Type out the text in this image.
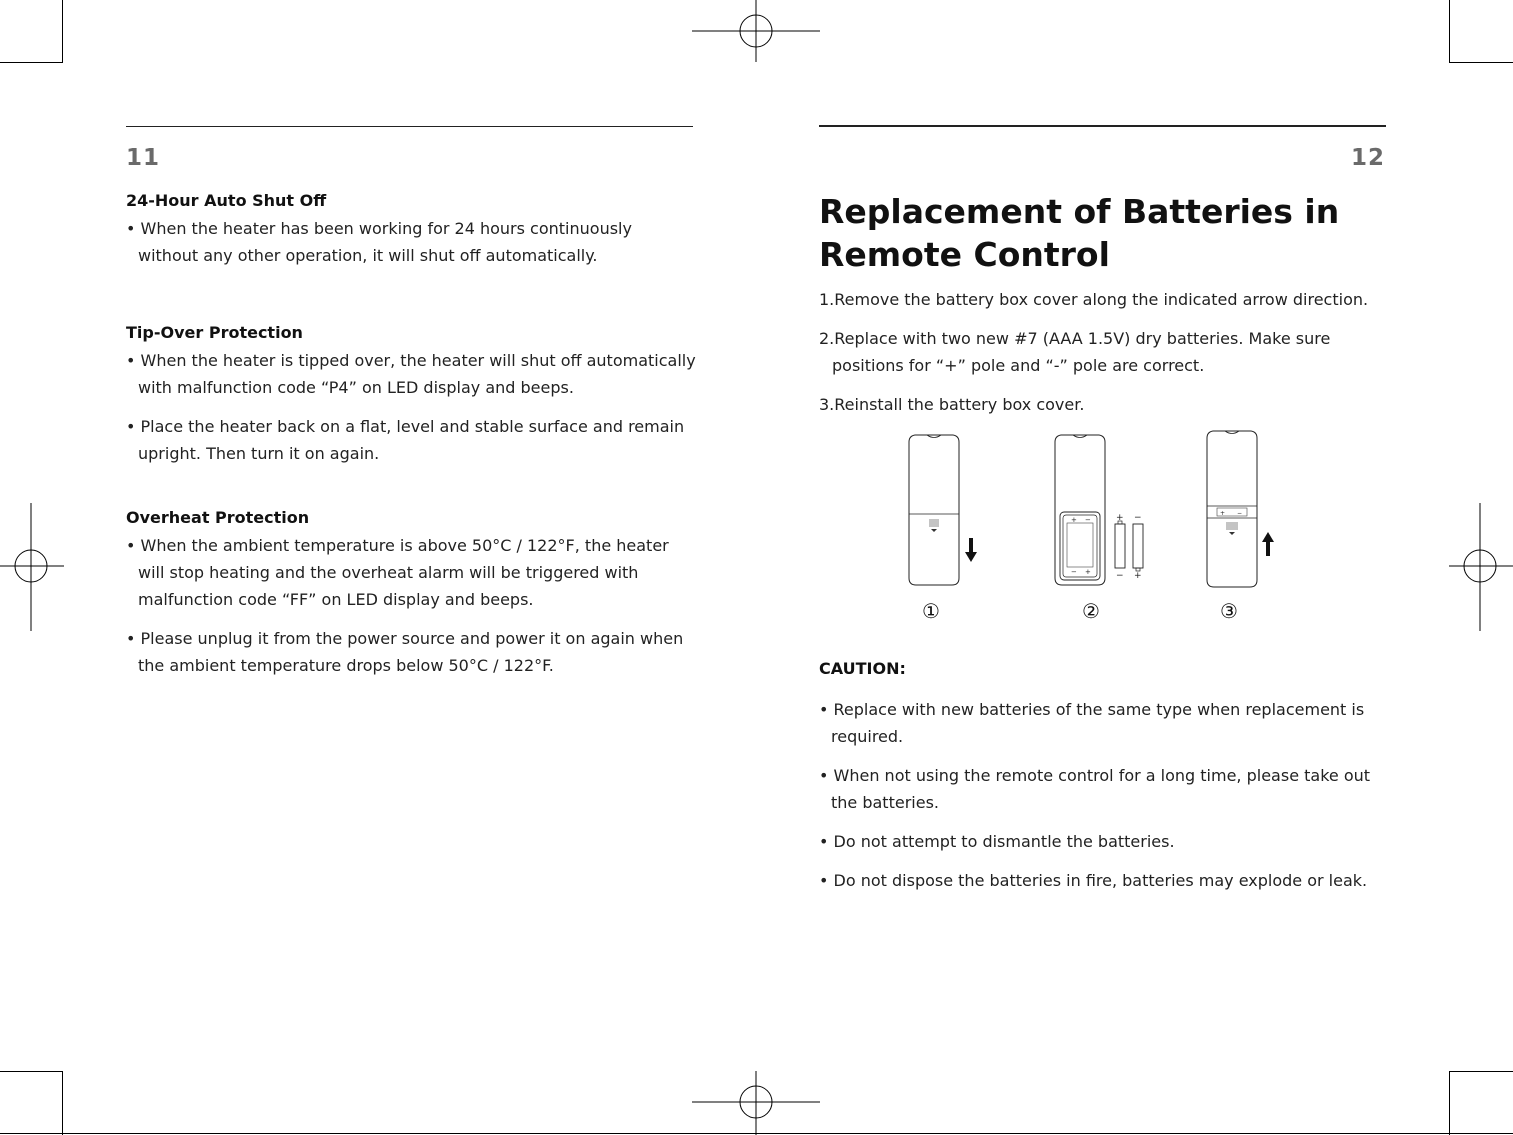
11
24-Hour Auto Shut Off

• When the heater has been working for 24 hours continuously without any other operation, it will shut off automatically.

Tip-Over Protection

• When the heater is tipped over, the heater will shut off automatically with malfunction code “P4” on LED display and beeps.

• Place the heater back on a flat, level and stable surface and remain upright. Then turn it on again.

Overheat Protection

• When the ambient temperature is above 50°C / 122°F, the heater will stop heating and the overheat alarm will be triggered with malfunction code “FF” on LED display and beeps.

• Please unplug it from the power source and power it on again when the ambient temperature drops below 50°C / 122°F.

12
Replacement of Batteries in
Remote Control

1.Remove the battery box cover along the indicated arrow direction.

2.Replace with two new #7 (AAA 1.5V) dry batteries. Make sure positions for “+” pole and “-” pole are correct.

3.Reinstall the battery box cover.

+ −
− +
+
−
−
+
+ −
①	②	③
CAUTION:

• Replace with new batteries of the same type when replacement is required.

• When not using the remote control for a long time, please take out the batteries.

• Do not attempt to dismantle the batteries.

• Do not dispose the batteries in fire, batteries may explode or leak.
